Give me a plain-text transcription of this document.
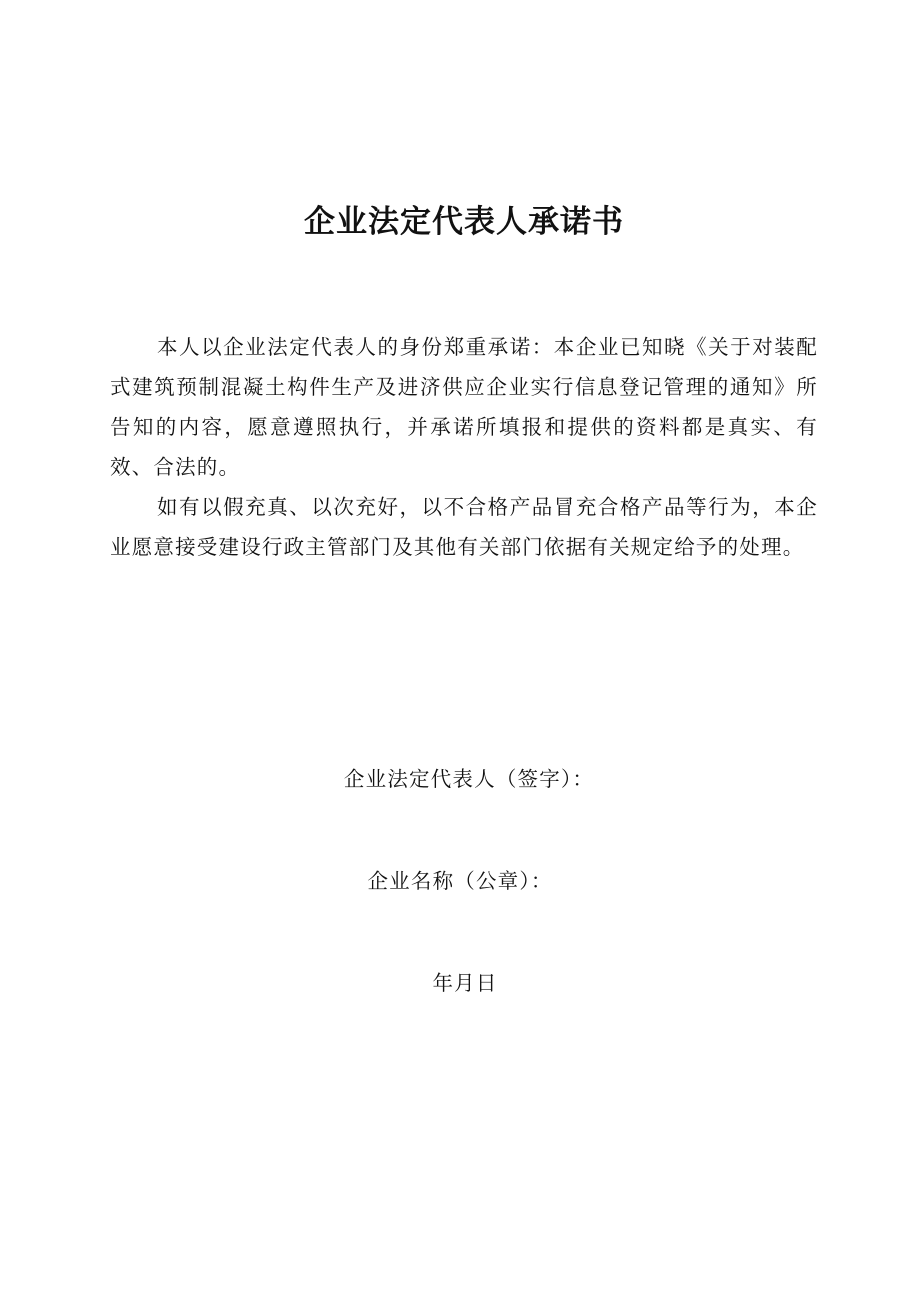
企业法定代表人承诺书

本人以企业法定代表人的身份郑重承诺：本企业已知晓《关于对装配式建筑预制混凝土构件生产及进济供应企业实行信息登记管理的通知》所告知的内容，愿意遵照执行，并承诺所填报和提供的资料都是真实、有效、合法的。

如有以假充真、以次充好，以不合格产品冒充合格产品等行为，本企业愿意接受建设行政主管部门及其他有关部门依据有关规定给予的处理。

企业法定代表人（签字）：

企业名称（公章）：

年月日
